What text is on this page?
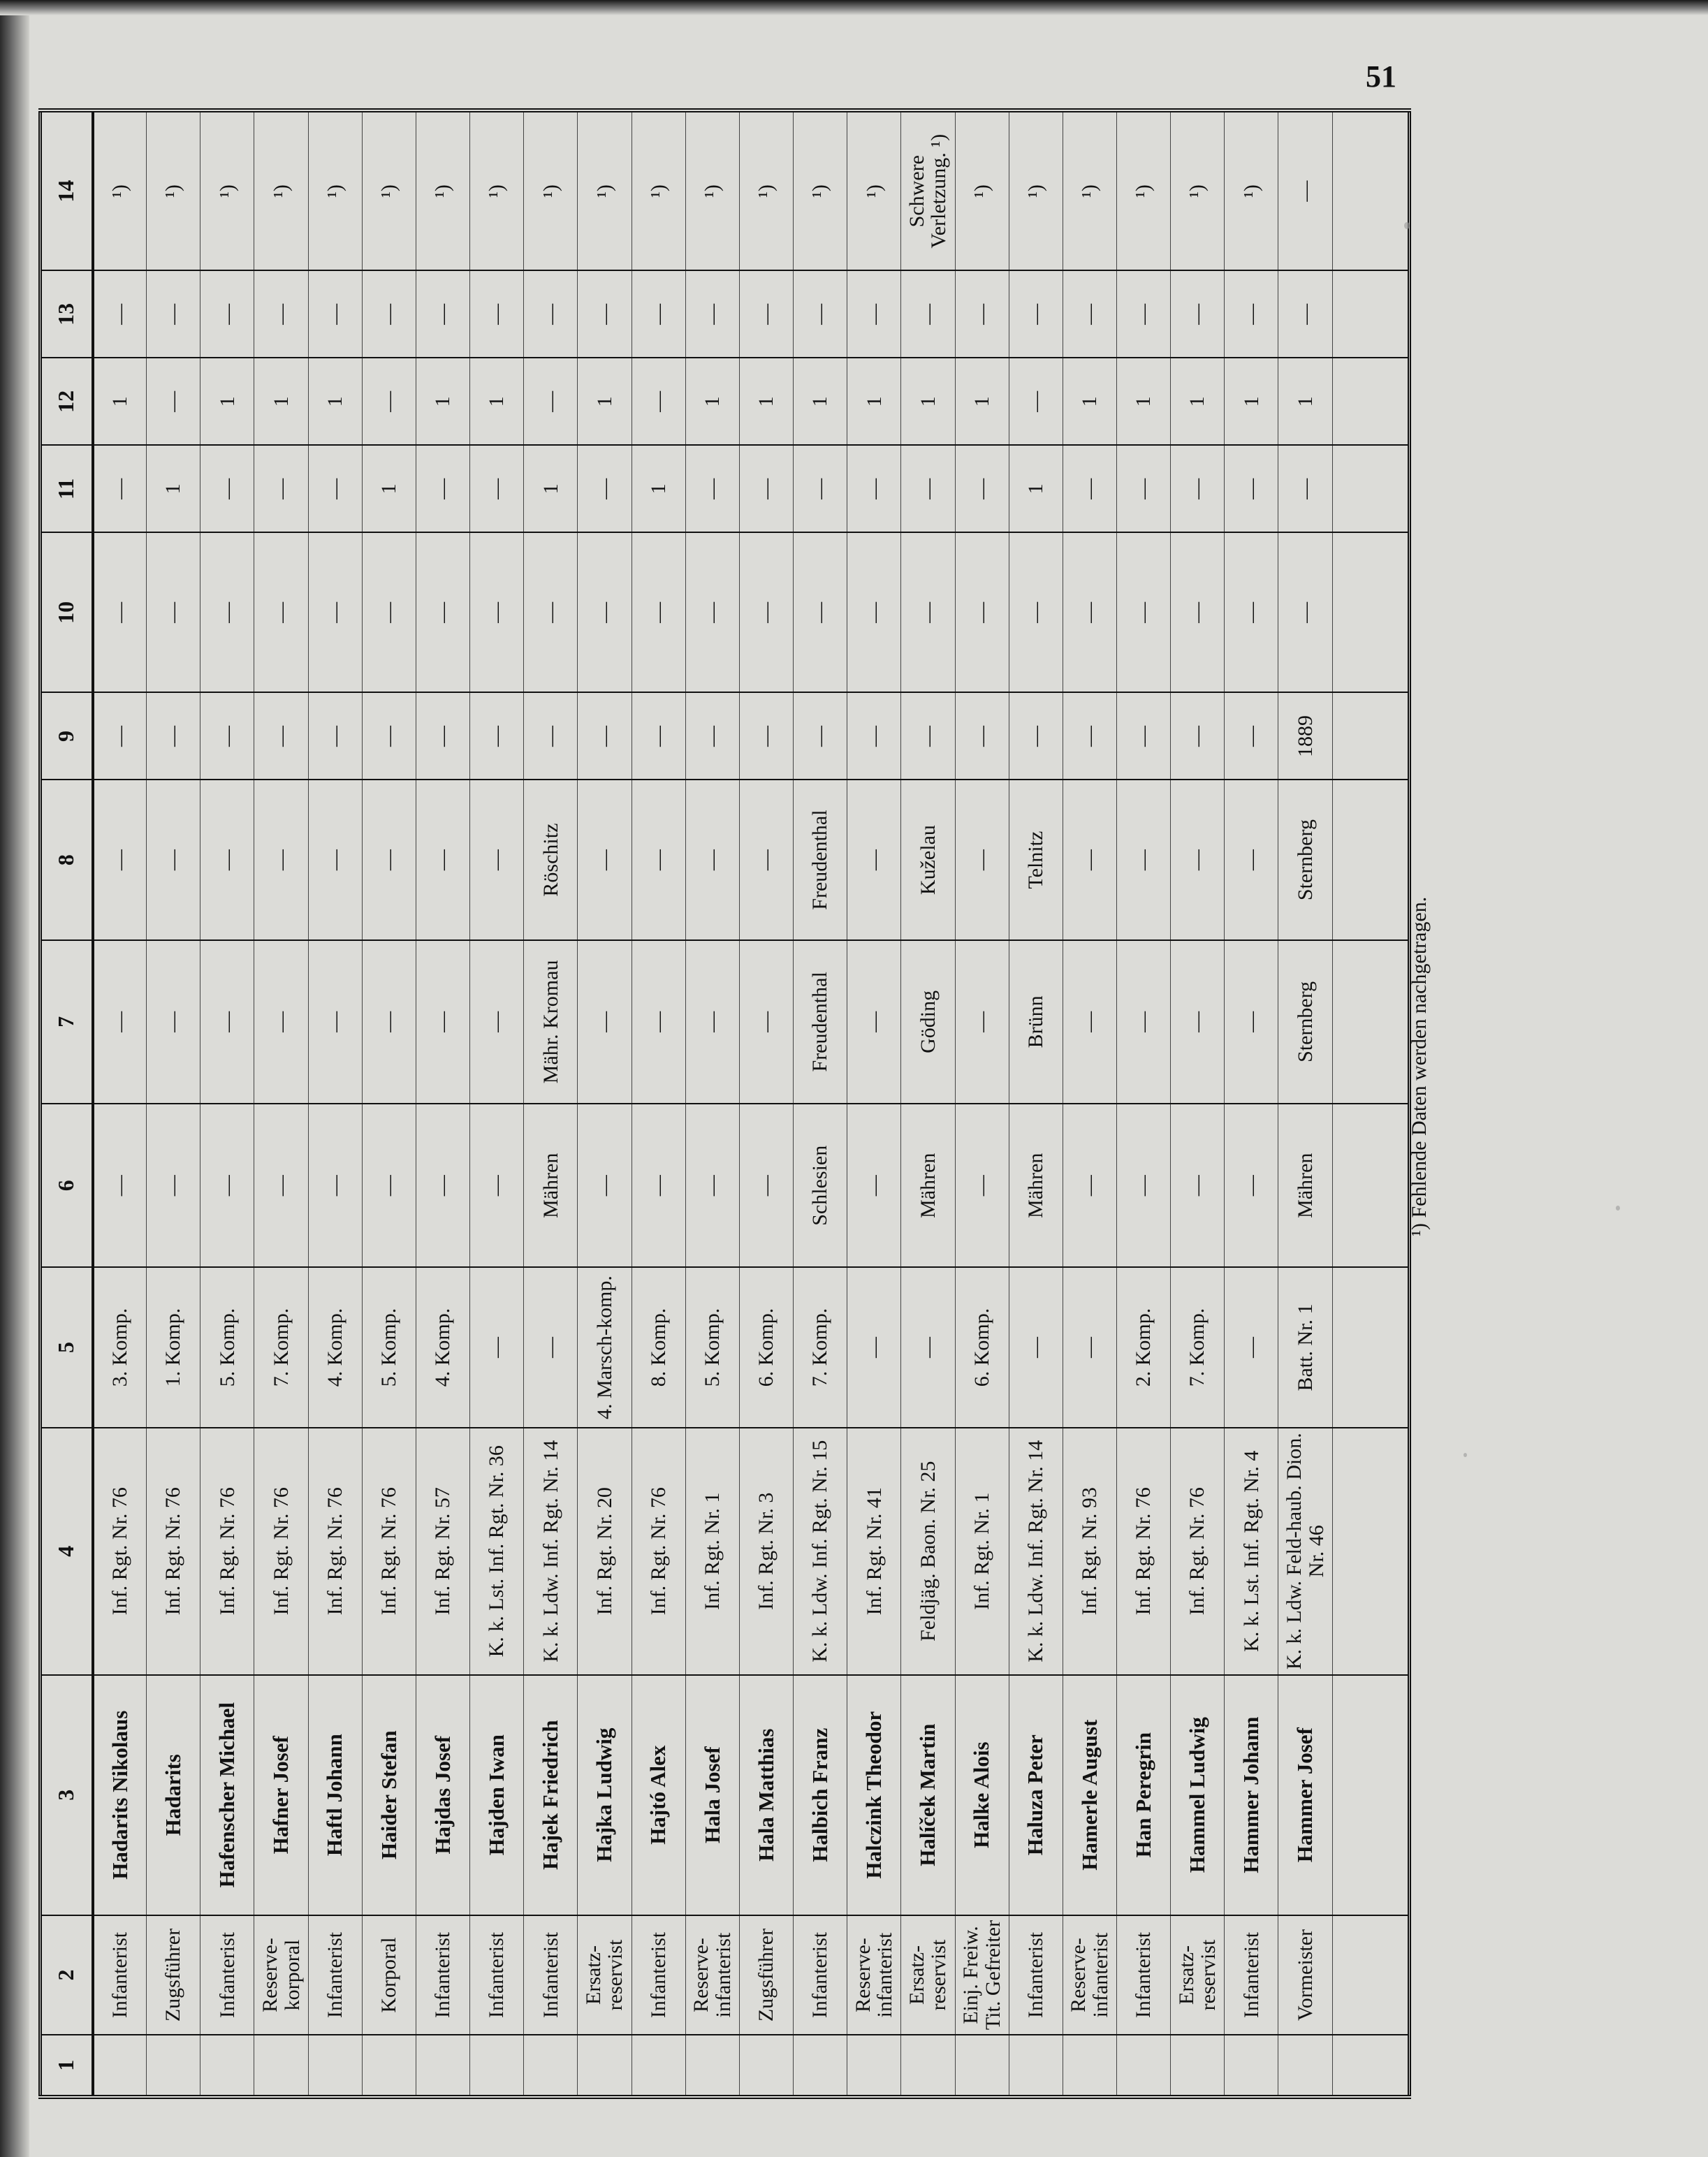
51
1	2	3	4	5	6	7	8	9	10	11	12	13	14
	Infanterist	Hadarits Nikolaus	Inf. Rgt. Nr. 76	3. Komp.	—	—	—	—	—	—	1	—	¹)
	Zugsführer	Hadarits	Inf. Rgt. Nr. 76	1. Komp.	—	—	—	—	—	1	—	—	¹)
	Infanterist	Hafenscher Michael	Inf. Rgt. Nr. 76	5. Komp.	—	—	—	—	—	—	1	—	¹)
	Reserve-korporal	Hafner Josef	Inf. Rgt. Nr. 76	7. Komp.	—	—	—	—	—	—	1	—	¹)
	Infanterist	Haftl Johann	Inf. Rgt. Nr. 76	4. Komp.	—	—	—	—	—	—	1	—	¹)
	Korporal	Haider Stefan	Inf. Rgt. Nr. 76	5. Komp.	—	—	—	—	—	1	—	—	¹)
	Infanterist	Hajdas Josef	Inf. Rgt. Nr. 57	4. Komp.	—	—	—	—	—	—	1	—	¹)
	Infanterist	Hajden Iwan	K. k. Lst. Inf. Rgt. Nr. 36	—	—	—	—	—	—	—	1	—	¹)
	Infanterist	Hajek Friedrich	K. k. Ldw. Inf. Rgt. Nr. 14	—	Mähren	Mähr. Kromau	Röschitz	—	—	1	—	—	¹)
	Ersatz-reservist	Hajka Ludwig	Inf. Rgt. Nr. 20	4. Marsch-komp.	—	—	—	—	—	—	1	—	¹)
	Infanterist	Hajtó Alex	Inf. Rgt. Nr. 76	8. Komp.	—	—	—	—	—	1	—	—	¹)
	Reserve-infanterist	Hala Josef	Inf. Rgt. Nr. 1	5. Komp.	—	—	—	—	—	—	1	—	¹)
	Zugsführer	Hala Matthias	Inf. Rgt. Nr. 3	6. Komp.	—	—	—	—	—	—	1	—	¹)
	Infanterist	Halbich Franz	K. k. Ldw. Inf. Rgt. Nr. 15	7. Komp.	Schlesien	Freudenthal	Freudenthal	—	—	—	1	—	¹)
	Reserve-infanterist	Halczink Theodor	Inf. Rgt. Nr. 41	—	—	—	—	—	—	—	1	—	¹)
	Ersatz-reservist	Halíček Martin	Feldjäg. Baon. Nr. 25	—	Mähren	Göding	Kuželau	—	—	—	1	—	Schwere Verletzung. ¹)
	Einj. Freiw. Tit. Gefreiter	Halke Alois	Inf. Rgt. Nr. 1	6. Komp.	—	—	—	—	—	—	1	—	¹)
	Infanterist	Haluza Peter	K. k. Ldw. Inf. Rgt. Nr. 14	—	Mähren	Brünn	Telnitz	—	—	1	—	—	¹)
	Reserve-infanterist	Hamerle August	Inf. Rgt. Nr. 93	—	—	—	—	—	—	—	1	—	¹)
	Infanterist	Han Peregrin	Inf. Rgt. Nr. 76	2. Komp.	—	—	—	—	—	—	1	—	¹)
	Ersatz-reservist	Hammel Ludwig	Inf. Rgt. Nr. 76	7. Komp.	—	—	—	—	—	—	1	—	¹)
	Infanterist	Hammer Johann	K. k. Lst. Inf. Rgt. Nr. 4	—	—	—	—	—	—	—	1	—	¹)
	Vormeister	Hammer Josef	K. k. Ldw. Feld-haub. Dion. Nr. 46	Batt. Nr. 1	Mähren	Sternberg	Sternberg	1889	—	—	1	—	—

¹) Fehlende Daten werden nachgetragen.
